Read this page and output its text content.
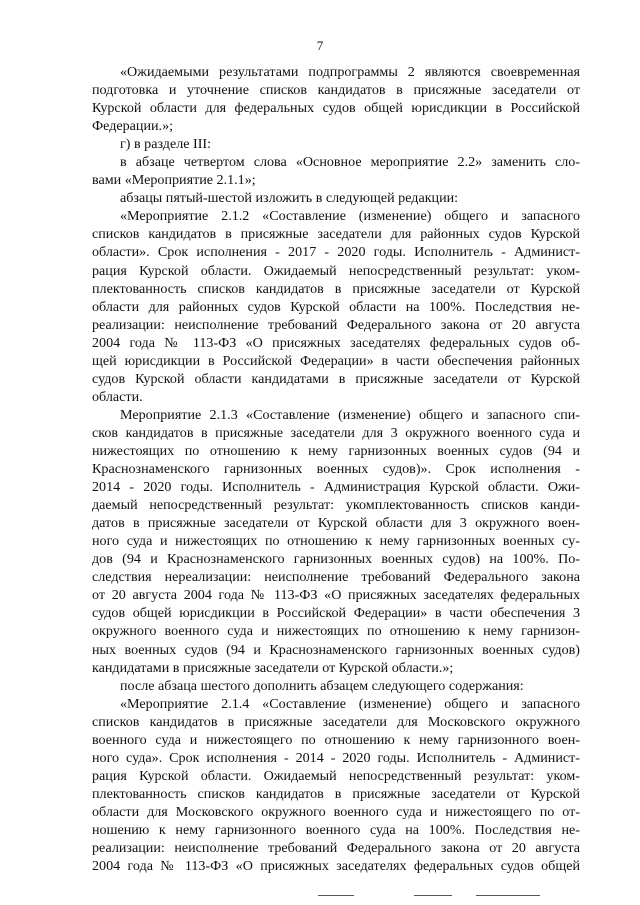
7
«Ожидаемыми результатами подпрограммы 2 являются своевременная
подготовка и уточнение списков кандидатов в присяжные заседатели от
Курской области для федеральных судов общей юрисдикции в Российской
Федерации.»;
г) в разделе III:
в абзаце четвертом слова «Основное мероприятие 2.2» заменить сло-
вами «Мероприятие 2.1.1»;
абзацы пятый-шестой изложить в следующей редакции:
«Мероприятие 2.1.2 «Составление (изменение) общего и запасного
списков кандидатов в присяжные заседатели для районных судов Курской
области». Срок исполнения - 2017 - 2020 годы. Исполнитель - Админист-
рация Курской области. Ожидаемый непосредственный результат: уком-
плектованность списков кандидатов в присяжные заседатели от Курской
области для районных судов Курской области на 100%. Последствия не-
реализации: неисполнение требований Федерального закона от 20 августа
2004 года № 113-ФЗ «О присяжных заседателях федеральных судов об-
щей юрисдикции в Российской Федерации» в части обеспечения районных
судов Курской области кандидатами в присяжные заседатели от Курской
области.
Мероприятие 2.1.3 «Составление (изменение) общего и запасного спи-
сков кандидатов в присяжные заседатели для 3 окружного военного суда и
нижестоящих по отношению к нему гарнизонных военных судов (94 и
Краснознаменского гарнизонных военных судов)». Срок исполнения -
2014 - 2020 годы. Исполнитель - Администрация Курской области. Ожи-
даемый непосредственный результат: укомплектованность списков канди-
датов в присяжные заседатели от Курской области для 3 окружного воен-
ного суда и нижестоящих по отношению к нему гарнизонных военных су-
дов (94 и Краснознаменского гарнизонных военных судов) на 100%. По-
следствия нереализации: неисполнение требований Федерального закона
от 20 августа 2004 года № 113-ФЗ «О присяжных заседателях федеральных
судов общей юрисдикции в Российской Федерации» в части обеспечения 3
окружного военного суда и нижестоящих по отношению к нему гарнизон-
ных военных судов (94 и Краснознаменского гарнизонных военных судов)
кандидатами в присяжные заседатели от Курской области.»;
после абзаца шестого дополнить абзацем следующего содержания:
«Мероприятие 2.1.4 «Составление (изменение) общего и запасного
списков кандидатов в присяжные заседатели для Московского окружного
военного суда и нижестоящего по отношению к нему гарнизонного воен-
ного суда». Срок исполнения - 2014 - 2020 годы. Исполнитель - Админист-
рация Курской области. Ожидаемый непосредственный результат: уком-
плектованность списков кандидатов в присяжные заседатели от Курской
области для Московского окружного военного суда и нижестоящего по от-
ношению к нему гарнизонного военного суда на 100%. Последствия не-
реализации: неисполнение требований Федерального закона от 20 августа
2004 года № 113-ФЗ «О присяжных заседателях федеральных судов общей
